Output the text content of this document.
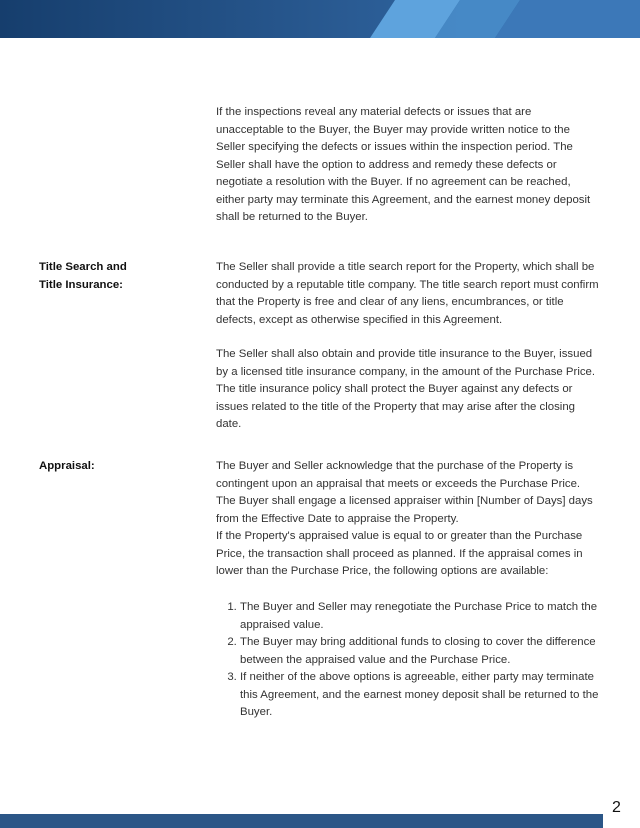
If the inspections reveal any material defects or issues that are unacceptable to the Buyer, the Buyer may provide written notice to the Seller specifying the defects or issues within the inspection period. The Seller shall have the option to address and remedy these defects or negotiate a resolution with the Buyer. If no agreement can be reached, either party may terminate this Agreement, and the earnest money deposit shall be returned to the Buyer.

Title Search and
Title Insurance:

The Seller shall provide a title search report for the Property, which shall be conducted by a reputable title company. The title search report must confirm that the Property is free and clear of any liens, encumbrances, or title defects, except as otherwise specified in this Agreement.

The Seller shall also obtain and provide title insurance to the Buyer, issued by a licensed title insurance company, in the amount of the Purchase Price. The title insurance policy shall protect the Buyer against any defects or issues related to the title of the Property that may arise after the closing date.

Appraisal:	The Buyer and Seller acknowledge that the purchase of the Property is contingent upon an appraisal that meets or exceeds the Purchase Price. The Buyer shall engage a licensed appraiser within [Number of Days] days from the Effective Date to appraise the Property.
If the Property's appraised value is equal to or greater than the Purchase Price, the transaction shall proceed as planned. If the appraisal comes in lower than the Purchase Price, the following options are available:

1. The Buyer and Seller may renegotiate the Purchase Price to match the appraised value.
2. The Buyer may bring additional funds to closing to cover the difference between the appraised value and the Purchase Price.
3. If neither of the above options is agreeable, either party may terminate this Agreement, and the earnest money deposit shall be returned to the Buyer.
2
